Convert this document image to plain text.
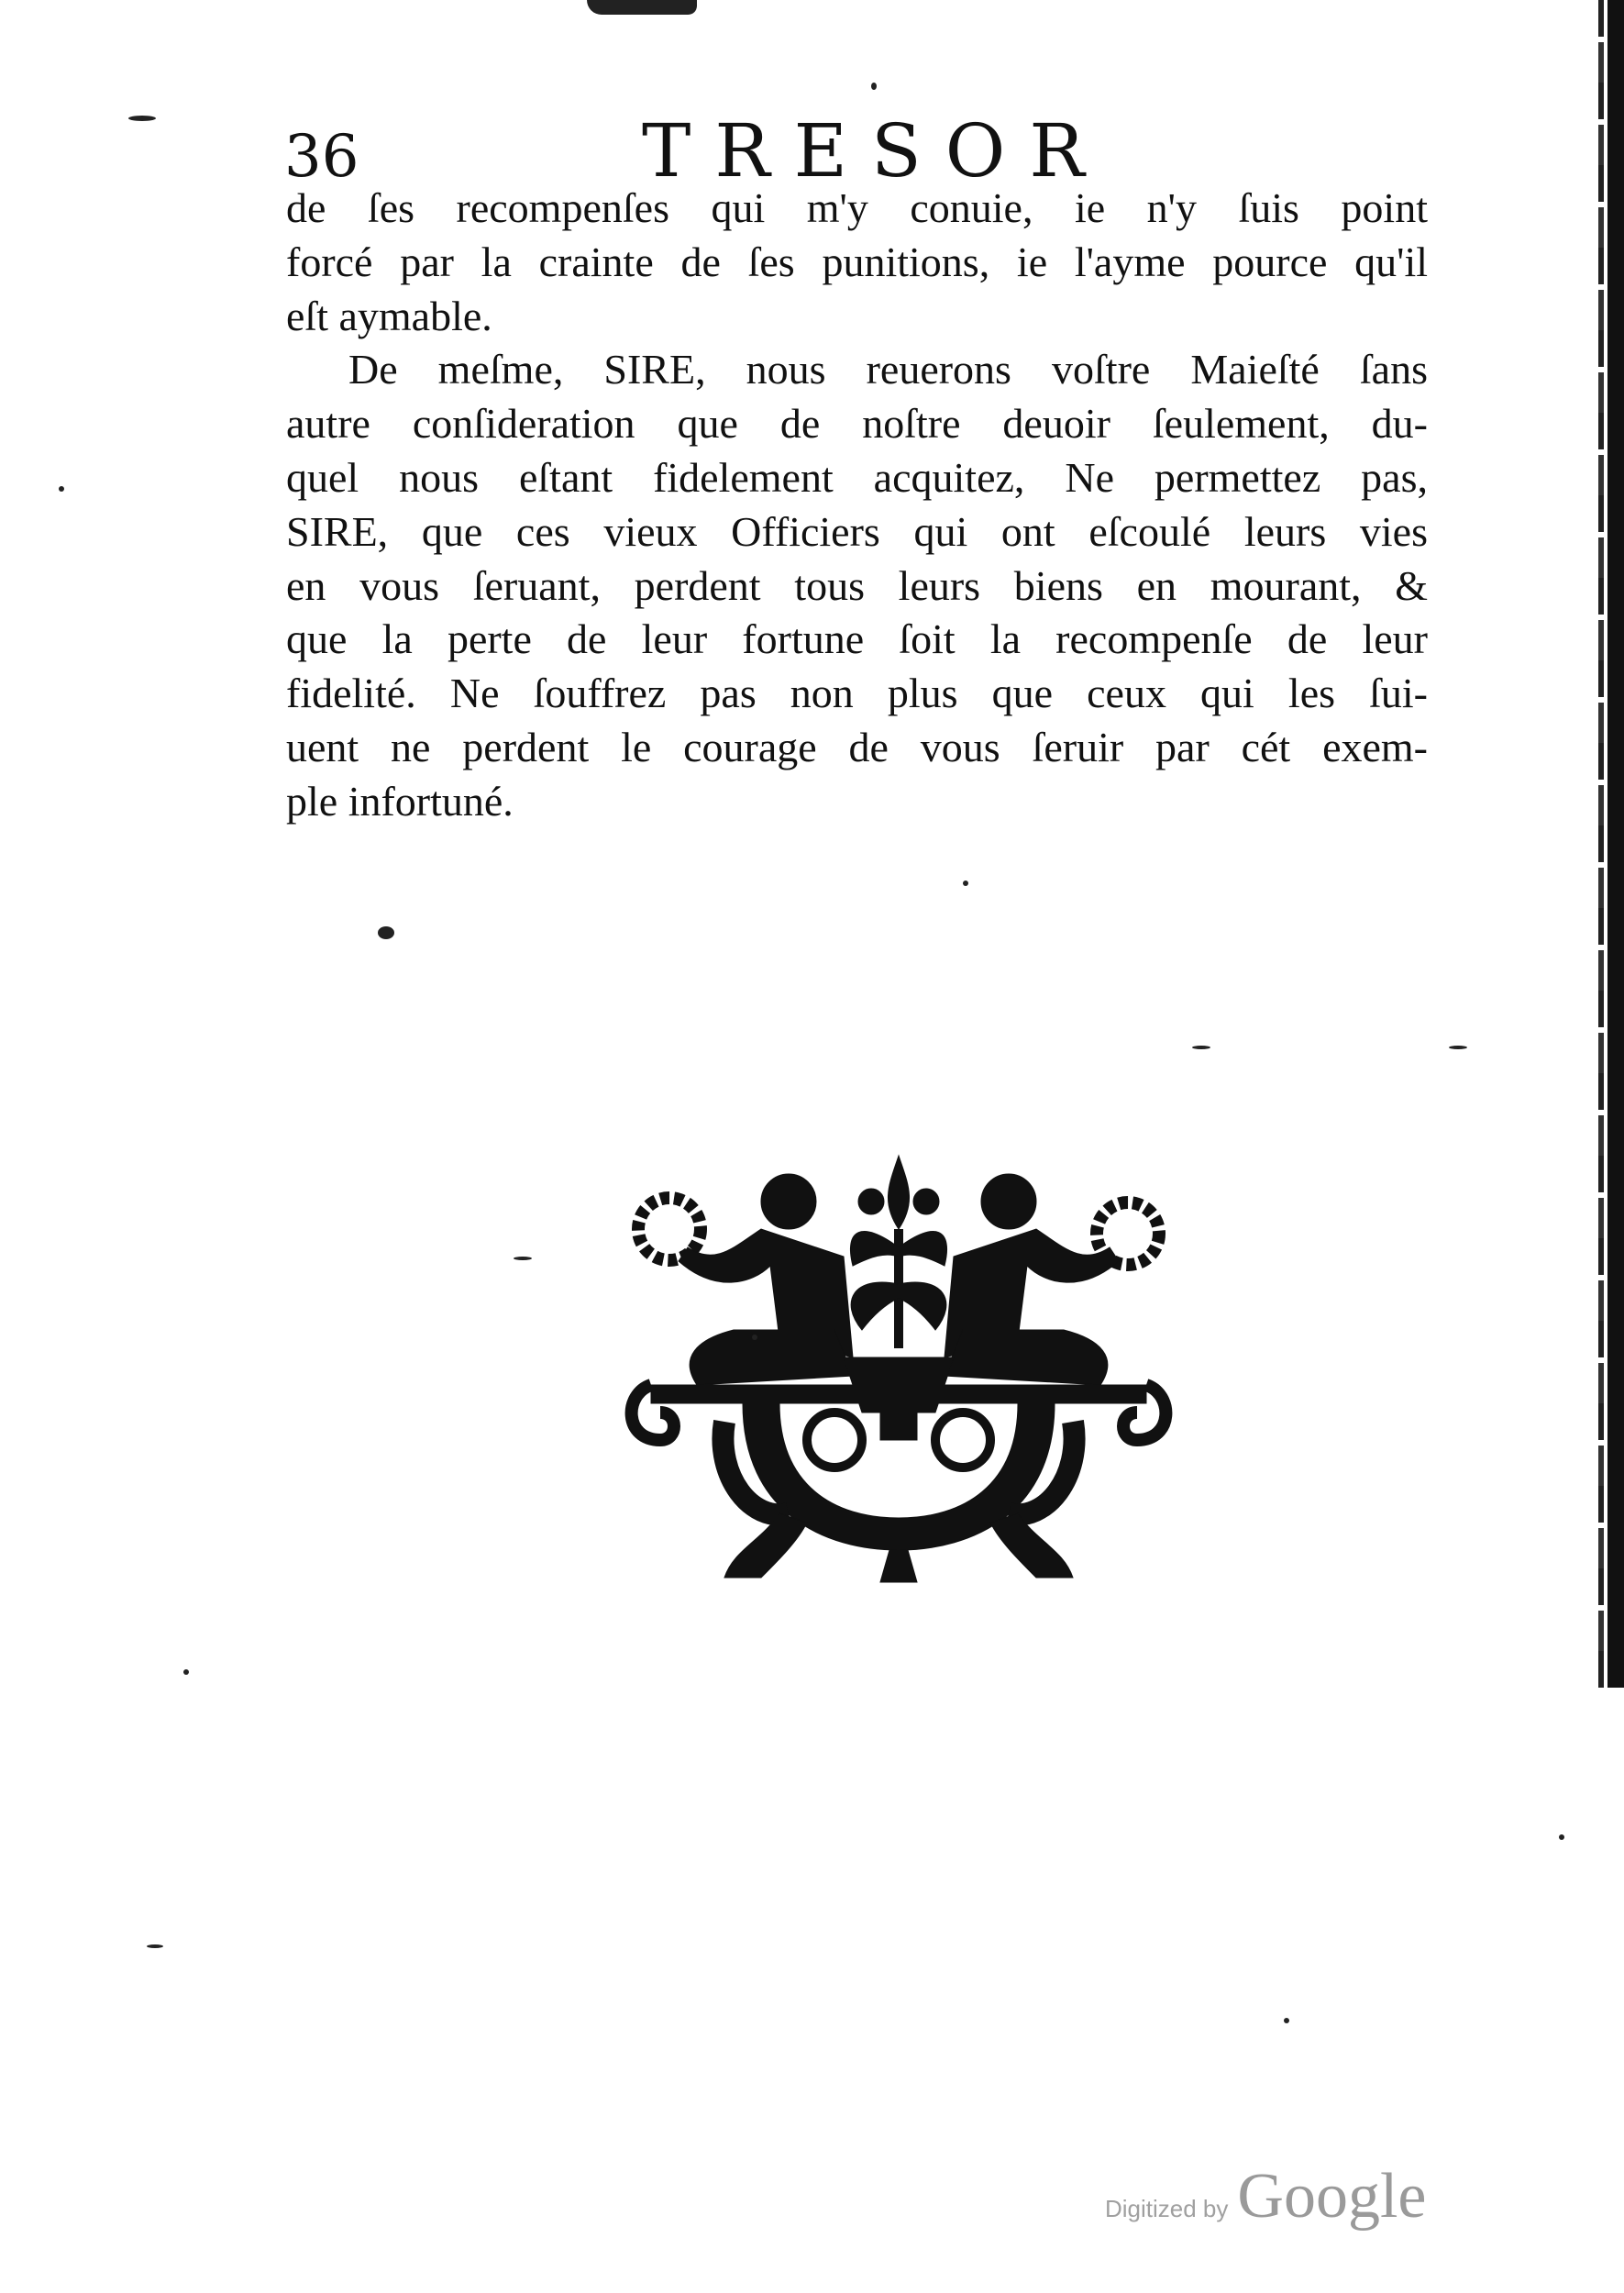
36	TRESOR
de ſes recompenſes qui m'y conuie, ie n'y ſuis point
forcé par la crainte de ſes punitions, ie l'ayme pource qu'il
eſt aymable.
De meſme, SIRE, nous reuerons voſtre Maieſté ſans
autre conſideration que de noſtre deuoir ſeulement, du-
quel nous eſtant fidelement acquitez, Ne permettez pas,
SIRE, que ces vieux Officiers qui ont eſcoulé leurs vies
en vous ſeruant, perdent tous leurs biens en mourant, &
que la perte de leur fortune ſoit la recompenſe de leur
fidelité. Ne ſouffrez pas non plus que ceux qui les ſui-
uent ne perdent le courage de vous ſeruir par cét exem-
ple infortuné.
Digitized by Google
